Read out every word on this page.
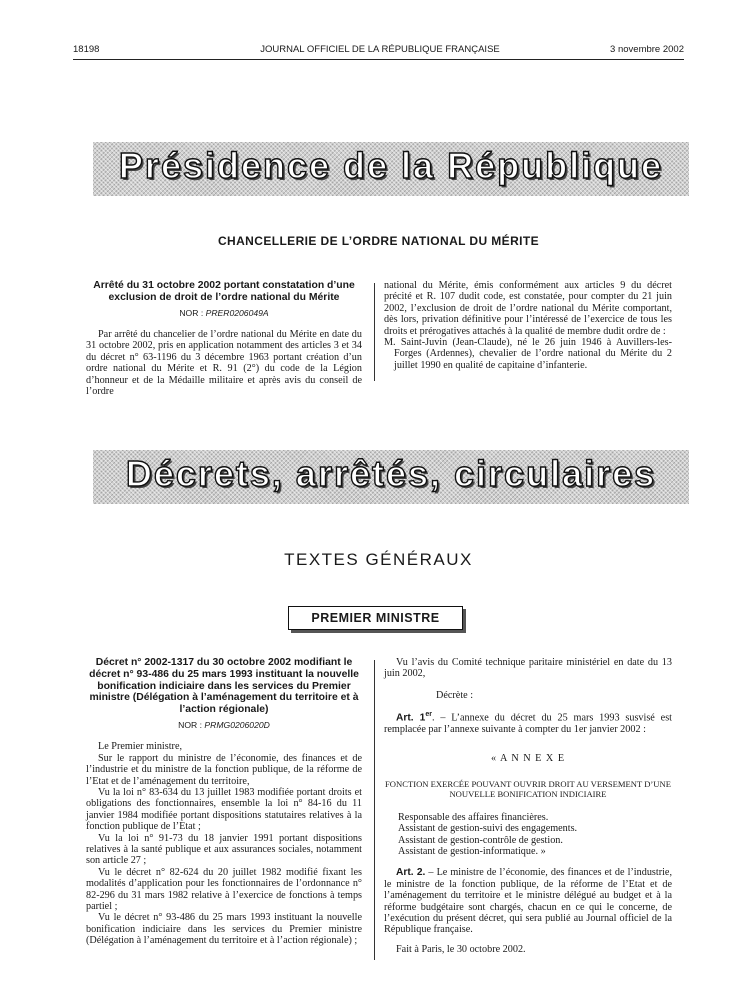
18198	JOURNAL OFFICIEL DE LA RÉPUBLIQUE FRANÇAISE	3 novembre 2002
Présidence de la République
CHANCELLERIE DE L’ORDRE NATIONAL DU MÉRITE
Arrêté du 31 octobre 2002 portant constatation d’une exclusion de droit de l’ordre national du Mérite
NOR : PRER0206049A

Par arrêté du chancelier de l’ordre national du Mérite en date du 31 octobre 2002, pris en application notamment des articles 3 et 34 du décret n° 63-1196 du 3 décembre 1963 portant création d’un ordre national du Mérite et R. 91 (2°) du code de la Légion d’honneur et de la Médaille militaire et après avis du conseil de l’ordre

national du Mérite, émis conformément aux articles 9 du décret précité et R. 107 dudit code, est constatée, pour compter du 21 juin 2002, l’exclusion de droit de l’ordre national du Mérite comportant, dès lors, privation définitive pour l’intéressé de l’exercice de tous les droits et prérogatives attachés à la qualité de membre dudit ordre de :

M. Saint-Juvin (Jean-Claude), né le 26 juin 1946 à Auvillers-les-Forges (Ardennes), chevalier de l’ordre national du Mérite du 2 juillet 1990 en qualité de capitaine d’infanterie.

Décrets, arrêtés, circulaires
TEXTES GÉNÉRAUX
PREMIER MINISTRE
Décret n° 2002-1317 du 30 octobre 2002 modifiant le décret n° 93-486 du 25 mars 1993 instituant la nouvelle bonification indiciaire dans les services du Premier ministre (Délégation à l’aménagement du territoire et à l’action régionale)
NOR : PRMG0206020D

Le Premier ministre,

Sur le rapport du ministre de l’économie, des finances et de l’industrie et du ministre de la fonction publique, de la réforme de l’Etat et de l’aménagement du territoire,

Vu la loi n° 83-634 du 13 juillet 1983 modifiée portant droits et obligations des fonctionnaires, ensemble la loi n° 84-16 du 11 janvier 1984 modifiée portant dispositions statutaires relatives à la fonction publique de l’Etat ;

Vu la loi n° 91-73 du 18 janvier 1991 portant dispositions relatives à la santé publique et aux assurances sociales, notamment son article 27 ;

Vu le décret n° 82-624 du 20 juillet 1982 modifié fixant les modalités d’application pour les fonctionnaires de l’ordonnance n° 82-296 du 31 mars 1982 relative à l’exercice de fonctions à temps partiel ;

Vu le décret n° 93-486 du 25 mars 1993 instituant la nouvelle bonification indiciaire dans les services du Premier ministre (Délégation à l’aménagement du territoire et à l’action régionale) ;

Vu l’avis du Comité technique paritaire ministériel en date du 13 juin 2002,

Décrète :

Art. 1er. – L’annexe du décret du 25 mars 1993 susvisé est remplacée par l’annexe suivante à compter du 1er janvier 2002 :

« A N N E X E

FONCTION EXERCÉE POUVANT OUVRIR DROIT AU VERSEMENT D’UNE NOUVELLE BONIFICATION INDICIAIRE

Responsable des affaires financières.

Assistant de gestion-suivi des engagements.

Assistant de gestion-contrôle de gestion.

Assistant de gestion-informatique. »

Art. 2. – Le ministre de l’économie, des finances et de l’industrie, le ministre de la fonction publique, de la réforme de l’Etat et de l’aménagement du territoire et le ministre délégué au budget et à la réforme budgétaire sont chargés, chacun en ce qui le concerne, de l’exécution du présent décret, qui sera publié au Journal officiel de la République française.

Fait à Paris, le 30 octobre 2002.
